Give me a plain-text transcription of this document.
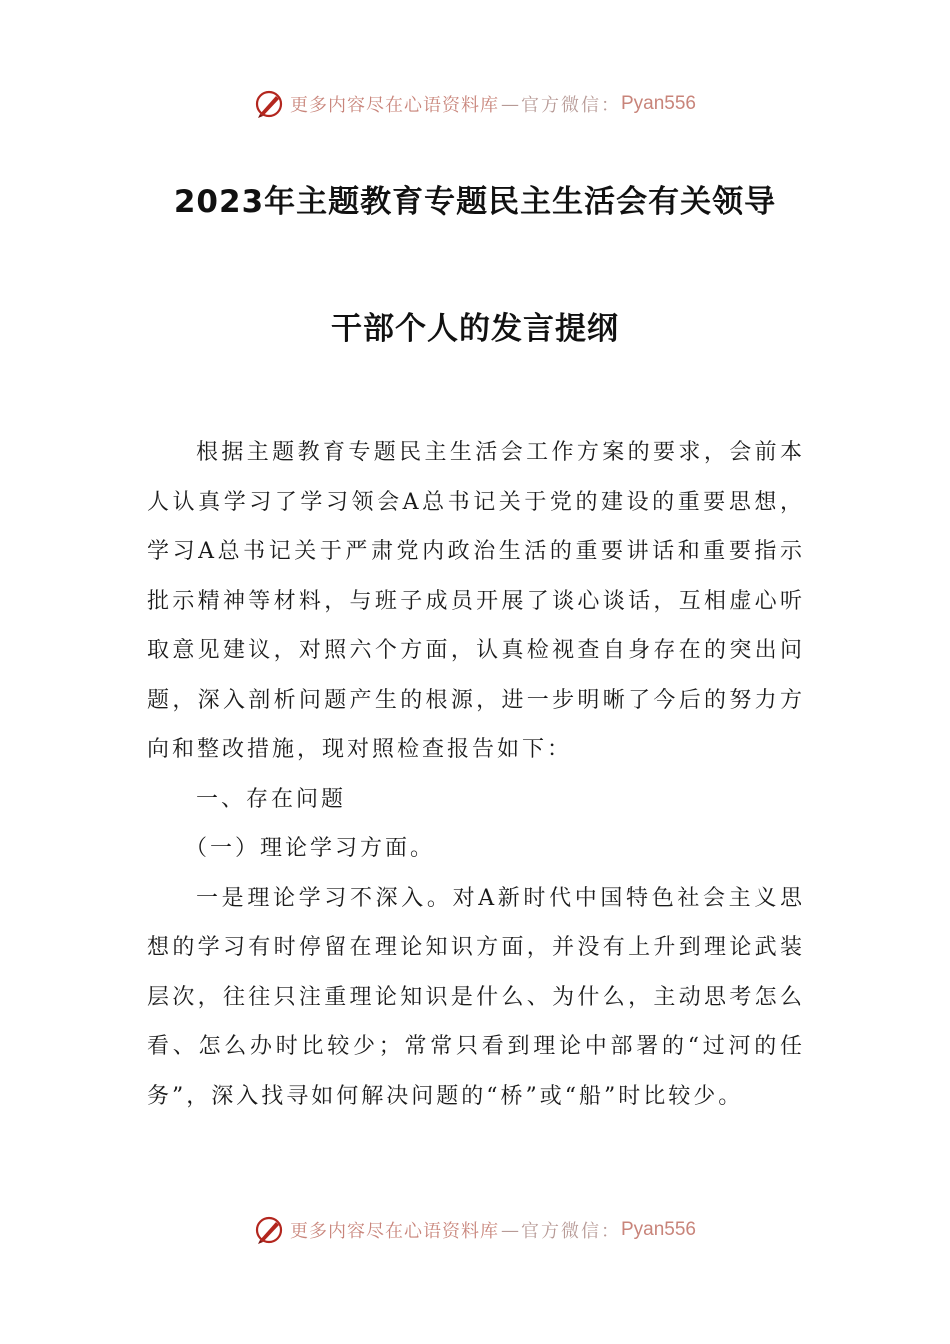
更多内容尽在心语资料库 — 官方微信： Pyan556
2023年主题教育专题民主生活会有关领导
干部个人的发言提纲

根据主题教育专题民主生活会工作方案的要求，会前本人认真学习了学习领会A总书记关于党的建设的重要思想，学习A总书记关于严肃党内政治生活的重要讲话和重要指示批示精神等材料，与班子成员开展了谈心谈话，互相虚心听取意见建议，对照六个方面，认真检视查自身存在的突出问题，深入剖析问题产生的根源，进一步明晰了今后的努力方向和整改措施，现对照检查报告如下：

一、存在问题

（一）理论学习方面。

一是理论学习不深入。对A新时代中国特色社会主义思想的学习有时停留在理论知识方面，并没有上升到理论武装层次，往往只注重理论知识是什么、为什么，主动思考怎么看、怎么办时比较少；常常只看到理论中部署的“过河的任务”，深入找寻如何解决问题的“桥”或“船”时比较少。

更多内容尽在心语资料库 — 官方微信： Pyan556
